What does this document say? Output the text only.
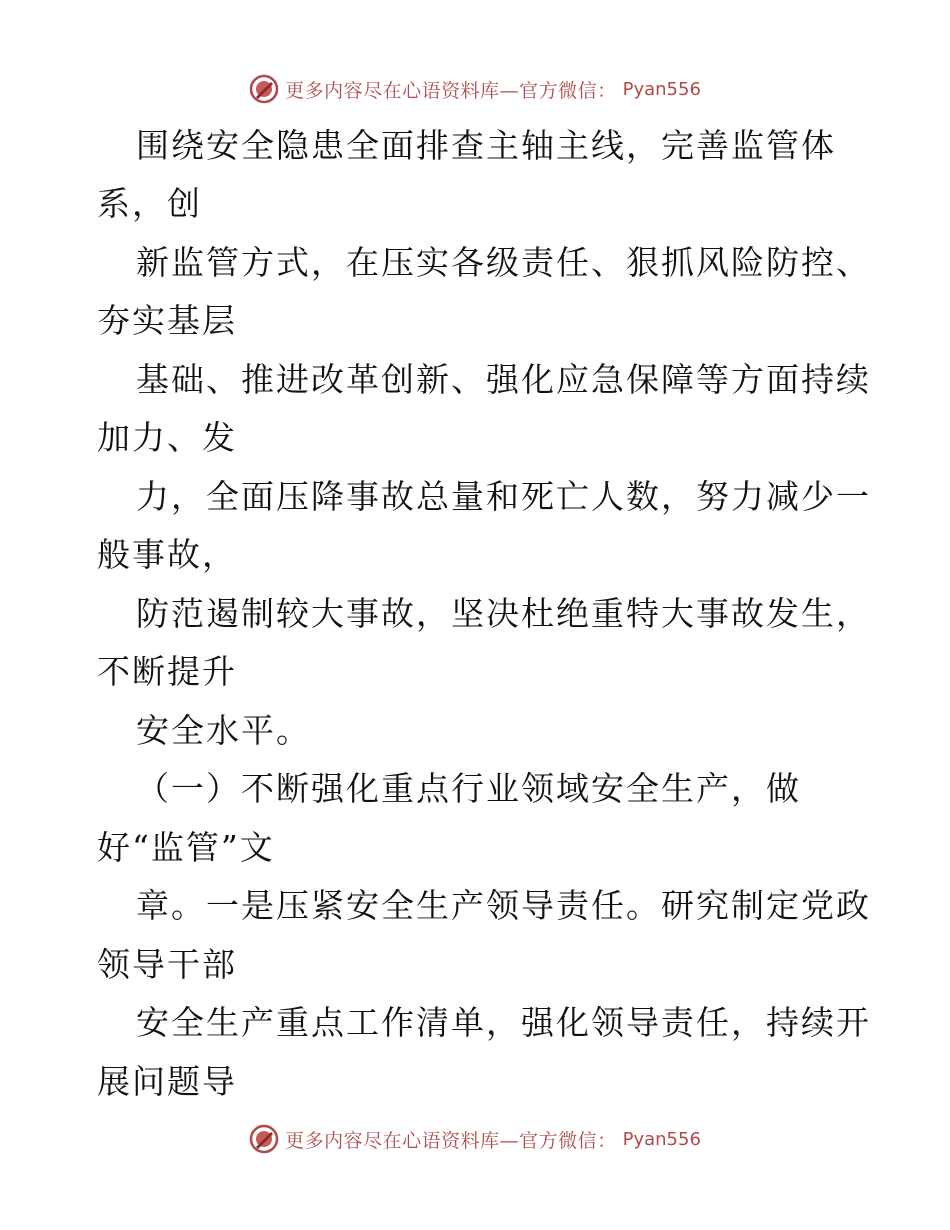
更多内容尽在心语资料库—官方微信： Pyan556
围绕安全隐患全面排查主轴主线，完善监管体
系，创
新监管方式，在压实各级责任、狠抓风险防控、
夯实基层
基础、推进改革创新、强化应急保障等方面持续
加力、发
力，全面压降事故总量和死亡人数，努力减少一
般事故，
防范遏制较大事故，坚决杜绝重特大事故发生，
不断提升
安全水平。
（一）不断强化重点行业领域安全生产，做
好“监管”文
章。一是压紧安全生产领导责任。研究制定党政
领导干部
安全生产重点工作清单，强化领导责任，持续开
展问题导
更多内容尽在心语资料库—官方微信： Pyan556
